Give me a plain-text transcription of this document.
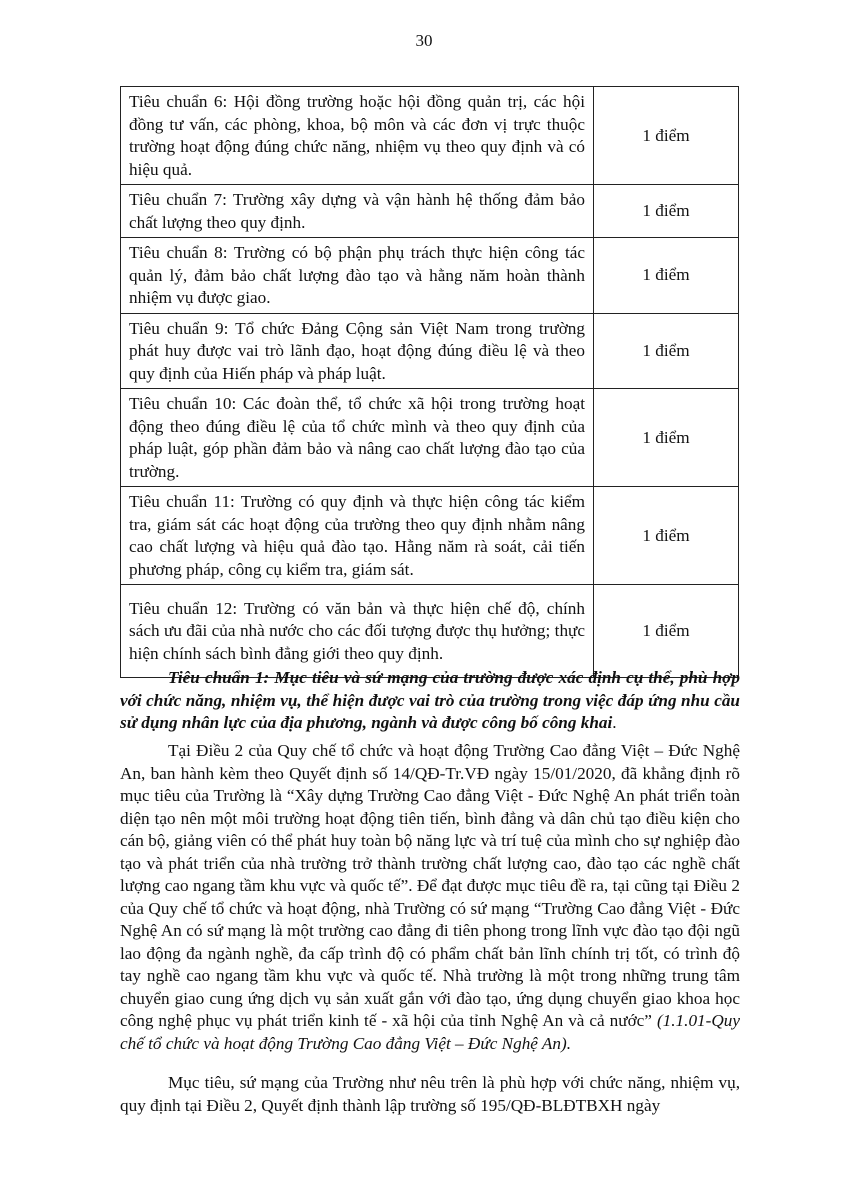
30
Tiêu chuẩn 6: Hội đồng trường hoặc hội đồng quản trị, các hội đồng tư vấn, các phòng, khoa, bộ môn và các đơn vị trực thuộc trường hoạt động đúng chức năng, nhiệm vụ theo quy định và có hiệu quả.	1 điểm
Tiêu chuẩn 7: Trường xây dựng và vận hành hệ thống đảm bảo chất lượng theo quy định.	1 điểm
Tiêu chuẩn 8: Trường có bộ phận phụ trách thực hiện công tác quản lý, đảm bảo chất lượng đào tạo và hằng năm hoàn thành nhiệm vụ được giao.	1 điểm
Tiêu chuẩn 9: Tổ chức Đảng Cộng sản Việt Nam trong trường phát huy được vai trò lãnh đạo, hoạt động đúng điều lệ và theo quy định của Hiến pháp và pháp luật.	1 điểm
Tiêu chuẩn 10: Các đoàn thể, tổ chức xã hội trong trường hoạt động theo đúng điều lệ của tổ chức mình và theo quy định của pháp luật, góp phần đảm bảo và nâng cao chất lượng đào tạo của trường.	1 điểm
Tiêu chuẩn 11: Trường có quy định và thực hiện công tác kiểm tra, giám sát các hoạt động của trường theo quy định nhằm nâng cao chất lượng và hiệu quả đào tạo. Hằng năm rà soát, cải tiến phương pháp, công cụ kiểm tra, giám sát.	1 điểm
Tiêu chuẩn 12: Trường có văn bản và thực hiện chế độ, chính sách ưu đãi của nhà nước cho các đối tượng được thụ hưởng; thực hiện chính sách bình đẳng giới theo quy định.	1 điểm
Tiêu chuẩn 1: Mục tiêu và sứ mạng của trường được xác định cụ thể, phù hợp với chức năng, nhiệm vụ, thể hiện được vai trò của trường trong việc đáp ứng nhu cầu sử dụng nhân lực của địa phương, ngành và được công bố công khai.

Tại Điều 2 của Quy chế tổ chức và hoạt động Trường Cao đẳng Việt – Đức Nghệ An, ban hành kèm theo Quyết định số 14/QĐ-Tr.VĐ ngày 15/01/2020, đã khẳng định rõ mục tiêu của Trường là “Xây dựng Trường Cao đẳng Việt - Đức Nghệ An phát triển toàn diện tạo nên một môi trường hoạt động tiên tiến, bình đẳng và dân chủ tạo điều kiện cho cán bộ, giảng viên có thể phát huy toàn bộ năng lực và trí tuệ của mình cho sự nghiệp đào tạo và phát triển của nhà trường trở thành trường chất lượng cao, đào tạo các nghề chất lượng cao ngang tầm khu vực và quốc tế”. Để đạt được mục tiêu đề ra, tại cũng tại Điều 2 của Quy chế tổ chức và hoạt động, nhà Trường có sứ mạng “Trường Cao đẳng Việt - Đức Nghệ An có sứ mạng là một trường cao đẳng đi tiên phong trong lĩnh vực đào tạo đội ngũ lao động đa ngành nghề, đa cấp trình độ có phẩm chất bản lĩnh chính trị tốt, có trình độ tay nghề cao ngang tầm khu vực và quốc tế. Nhà trường là một trong những trung tâm chuyển giao cung ứng dịch vụ sản xuất gắn với đào tạo, ứng dụng chuyển giao khoa học công nghệ phục vụ phát triển kinh tế - xã hội của tỉnh Nghệ An và cả nước” (1.1.01-Quy chế tổ chức và hoạt động Trường Cao đẳng Việt – Đức Nghệ An).

Mục tiêu, sứ mạng của Trường như nêu trên là phù hợp với chức năng, nhiệm vụ, quy định tại Điều 2, Quyết định thành lập trường số 195/QĐ-BLĐTBXH ngày
